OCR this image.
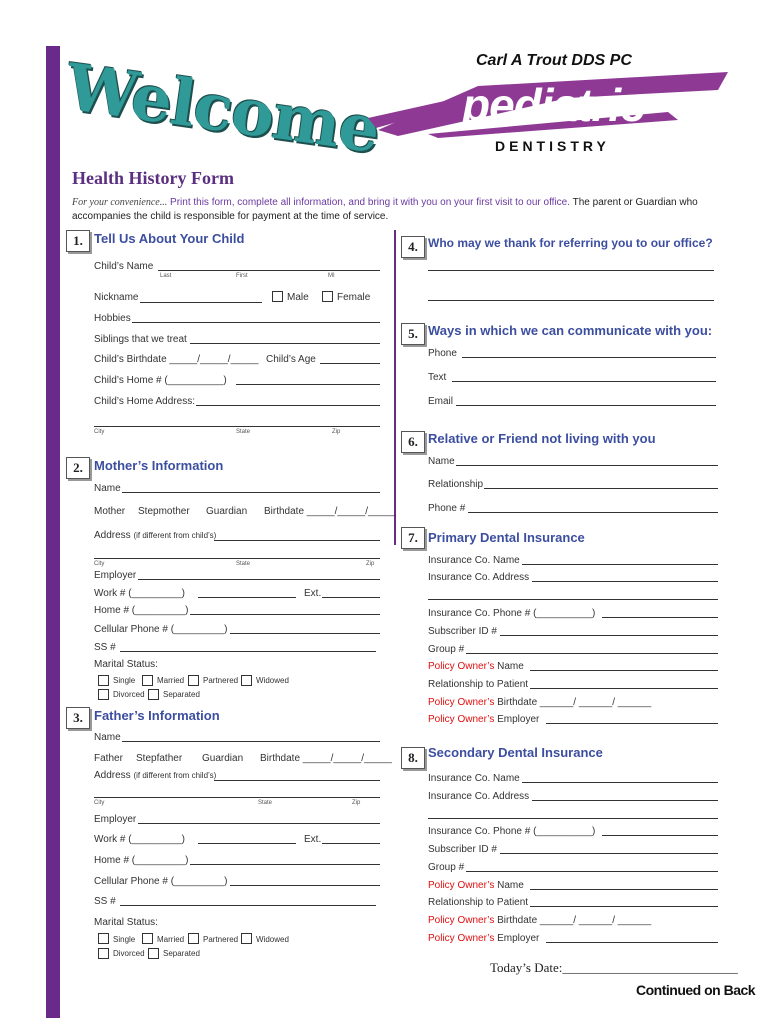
Welcome	Carl A Trout DDS PC
pediatric
DENTISTRY
Health History Form
For your convenience... Print this form, complete all information, and bring it with you on your first visit to our office. The parent or Guardian who accompanies the child is responsible for payment at the time of service.
1. Tell Us About Your Child
Child’s Name
Last	First	MI
Nickname	Male	Female
Hobbies
Siblings that we treat
Child’s Birthdate _____/_____/_____ Child’s Age
Child’s Home # (__________)
Child’s Home Address:
City	State	Zip
2. Mother’s Information
Name
Mother Stepmother Guardian Birthdate _____/_____/_____
Address (if different from child’s)
City	State	Zip
Employer
Work # (_________)	Ext.
Home # (_________)
Cellular Phone # (_________)
SS #
Marital Status:
Single	Married Partnered Widowed
Divorced Separated
3. Father’s Information
Name
Father Stepfather Guardian Birthdate _____/_____/_____
Address (if different from child’s)
City	State	Zip
Employer
Work # (_________)	Ext.
Home # (_________)
Cellular Phone # (_________)
SS #
Marital Status:
Single	Married Partnered Widowed
Divorced Separated
4. Who may we thank for referring you to our office?
5. Ways in which we can communicate with you:
Phone
Text
Email
6. Relative or Friend not living with you
Name
Relationship
Phone #
7. Primary Dental Insurance
Insurance Co. Name
Insurance Co. Address
Insurance Co. Phone # (__________)
Subscriber ID #
Group #
Policy Owner’s Name
Relationship to Patient
Policy Owner’s Birthdate ______/ ______/ ______
Policy Owner’s Employer
8. Secondary Dental Insurance
Insurance Co. Name
Insurance Co. Address
Insurance Co. Phone # (__________)
Subscriber ID #
Group #
Policy Owner’s Name
Relationship to Patient
Policy Owner’s Birthdate ______/ ______/ ______
Policy Owner’s Employer
Today’s Date:___________________________
Continued on Back
